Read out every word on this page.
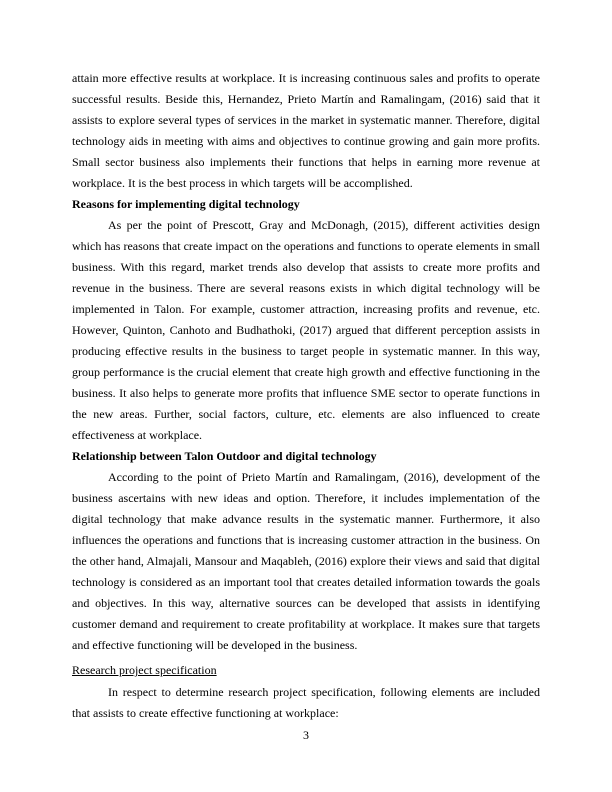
attain more effective results at workplace. It is increasing continuous sales and profits to operate successful results. Beside this, Hernandez, Prieto Martín and Ramalingam, (2016) said that it assists to explore several types of services in the market in systematic manner. Therefore, digital technology aids in meeting with aims and objectives to continue growing and gain more profits. Small sector business also implements their functions that helps in earning more revenue at workplace. It is the best process in which targets will be accomplished.

Reasons for implementing digital technology

As per the point of Prescott, Gray and McDonagh, (2015), different activities design which has reasons that create impact on the operations and functions to operate elements in small business. With this regard, market trends also develop that assists to create more profits and revenue in the business. There are several reasons exists in which digital technology will be implemented in Talon. For example, customer attraction, increasing profits and revenue, etc. However, Quinton, Canhoto and Budhathoki, (2017) argued that different perception assists in producing effective results in the business to target people in systematic manner. In this way, group performance is the crucial element that create high growth and effective functioning in the business. It also helps to generate more profits that influence SME sector to operate functions in the new areas. Further, social factors, culture, etc. elements are also influenced to create effectiveness at workplace.

Relationship between Talon Outdoor and digital technology

According to the point of Prieto Martín and Ramalingam, (2016), development of the business ascertains with new ideas and option. Therefore, it includes implementation of the digital technology that make advance results in the systematic manner. Furthermore, it also influences the operations and functions that is increasing customer attraction in the business. On the other hand, Almajali, Mansour and Maqableh, (2016) explore their views and said that digital technology is considered as an important tool that creates detailed information towards the goals and objectives. In this way, alternative sources can be developed that assists in identifying customer demand and requirement to create profitability at workplace. It makes sure that targets and effective functioning will be developed in the business.

Research project specification

In respect to determine research project specification, following elements are included that assists to create effective functioning at workplace:

3
